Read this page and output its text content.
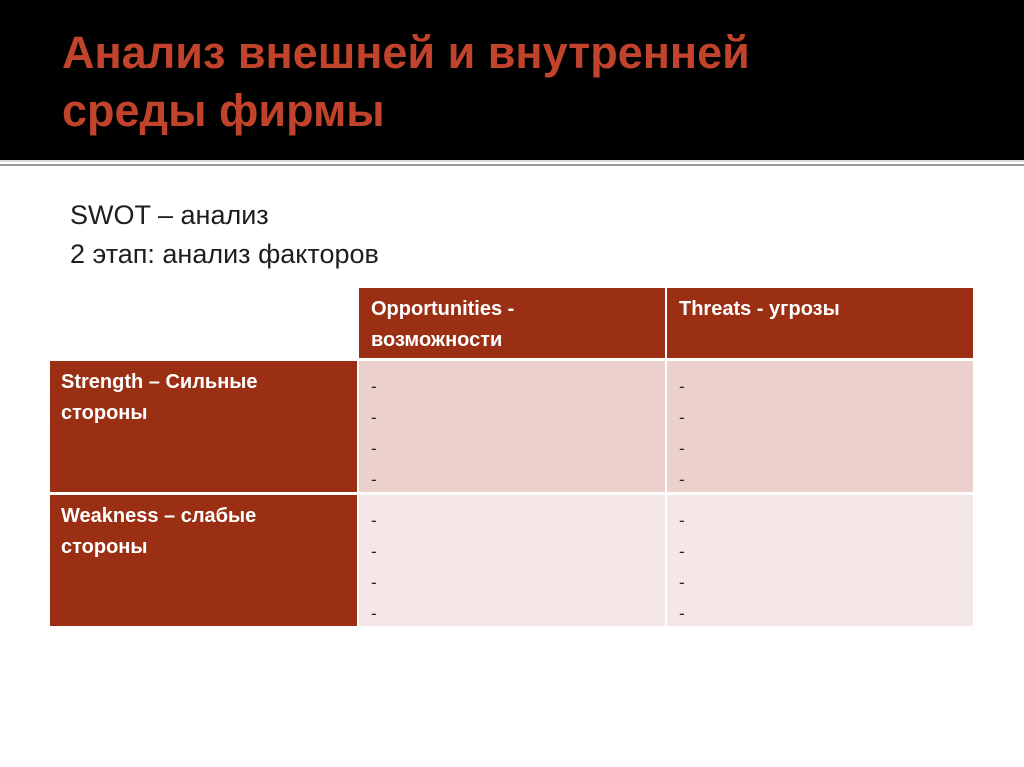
Анализ внешней и внутренней
среды фирмы
SWOT – анализ
2 этап: анализ факторов
Opportunities -
возможности
Threats - угрозы
Strength – Сильные
стороны
-
-
-
-
-
-
-
-
Weakness – слабые
стороны
-
-
-
-
-
-
-
-
